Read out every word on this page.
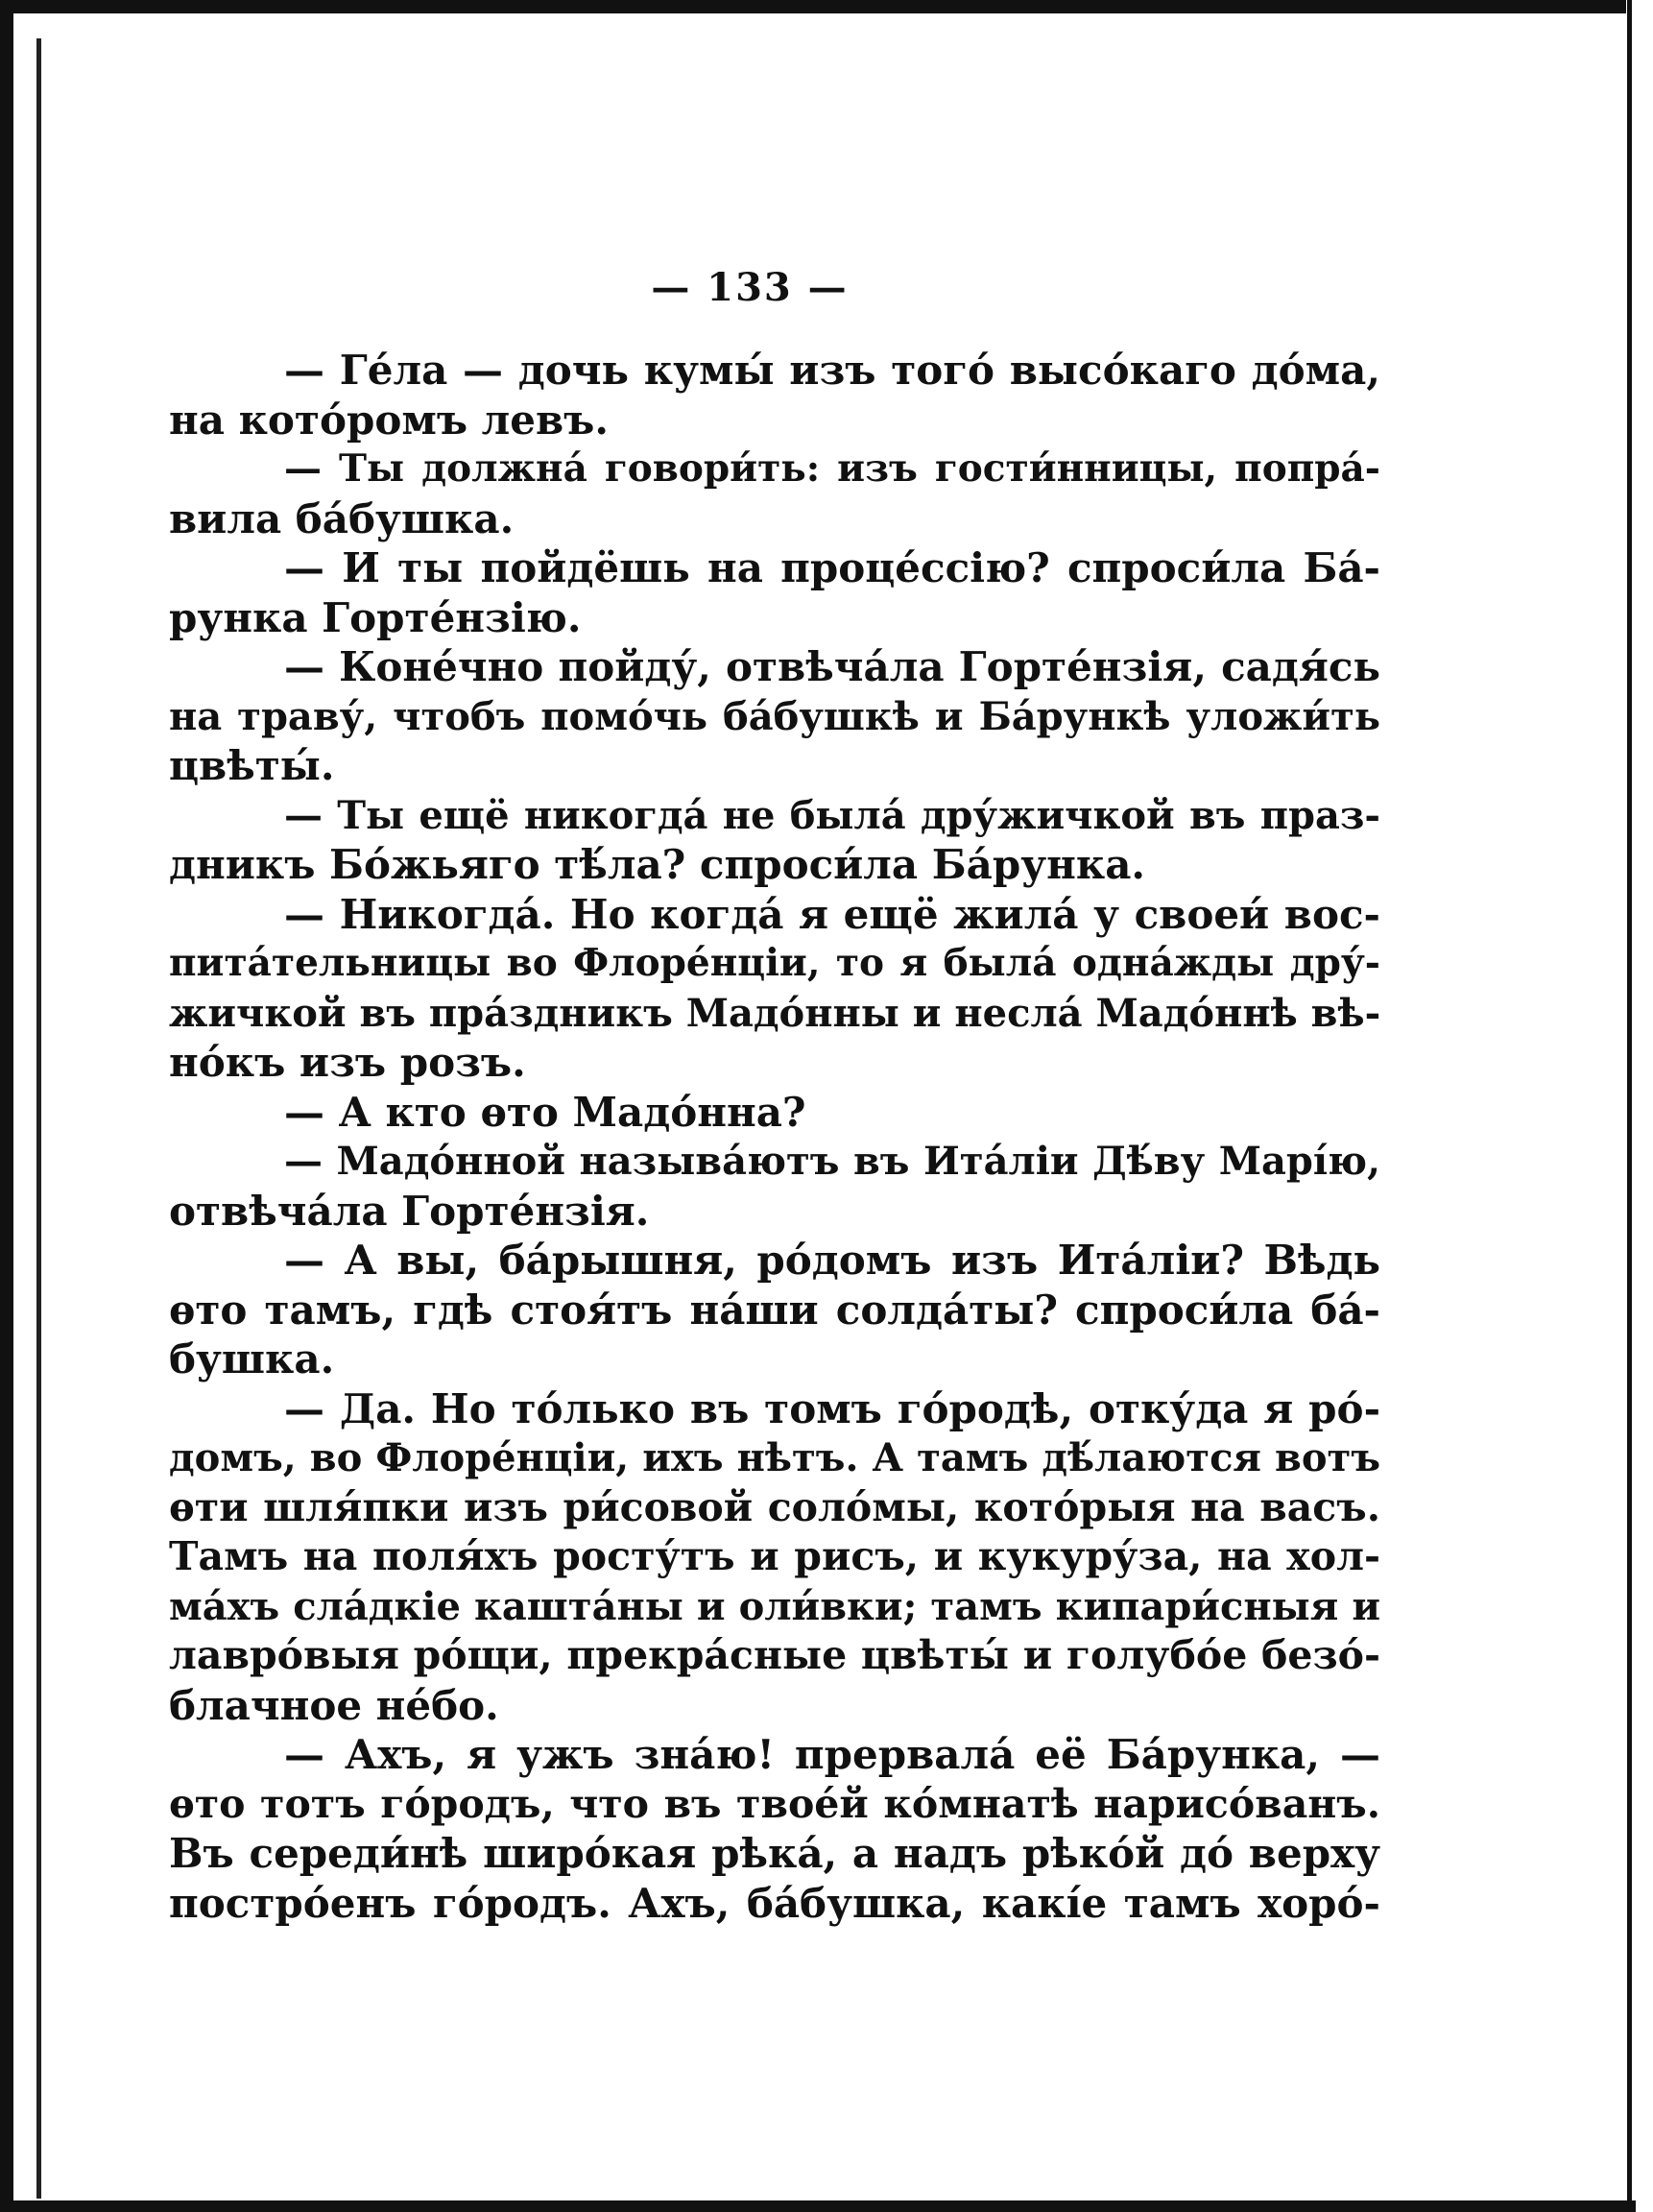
— 133 —
— Гéла — дочь кумы́ изъ того́ высо́каго до́ма,
на кото́ромъ левъ.
— Ты должна́ говори́ть: изъ гости́нницы, попра́-
вила ба́бушка.
— И ты пойдёшь на проце́ссію? спроси́ла Ба́-
рунка Горте́нзію.
— Коне́чно пойду́, отвѣча́ла Горте́нзія, садя́сь
на траву́, чтобъ помо́чь ба́бушкѣ и Ба́рункѣ уложи́ть
цвѣты́.
— Ты ещё никогда́ не была́ дру́жичкой въ праз-
дникъ Бо́жьяго тѣ́ла? спроси́ла Ба́рунка.
— Никогда́. Но когда́ я ещё жила́ у своеи́ вос-
пита́тельницы во Флоре́нціи, то я была́ одна́жды дру́-
жичкой въ пра́здникъ Мадо́нны и несла́ Мадо́ннѣ вѣ-
но́къ изъ розъ.
— А кто ѳто Мадо́нна?
— Мадо́нной называ́ютъ въ Ита́ліи Дѣ́ву Марі́ю,
отвѣча́ла Горте́нзія.
— А вы, ба́рышня, ро́домъ изъ Ита́ліи? Вѣдь
ѳто тамъ, гдѣ стоя́тъ на́ши солда́ты? спроси́ла ба́-
бушка.
— Да. Но то́лько въ томъ го́родѣ, отку́да я ро́-
домъ, во Флоре́нціи, ихъ нѣтъ. А тамъ дѣ́лаются вотъ
ѳти шля́пки изъ ри́совой соло́мы, кото́рыя на васъ.
Тамъ на поля́хъ росту́тъ и рисъ, и кукуру́за, на хол-
ма́хъ сла́дкіе кашта́ны и оли́вки; тамъ кипари́сныя и
лавро́выя ро́щи, прекра́сные цвѣты́ и голубо́е безо́-
блачное не́бо.
— Ахъ, я ужъ зна́ю! прервала́ её Ба́рунка, —
ѳто тотъ го́родъ, что въ твое́й ко́мнатѣ нарисо́ванъ.
Въ середи́нѣ широ́кая рѣка́, а надъ рѣко́й до́ верху
постро́енъ го́родъ. Ахъ, ба́бушка, какі́е тамъ хоро́-
